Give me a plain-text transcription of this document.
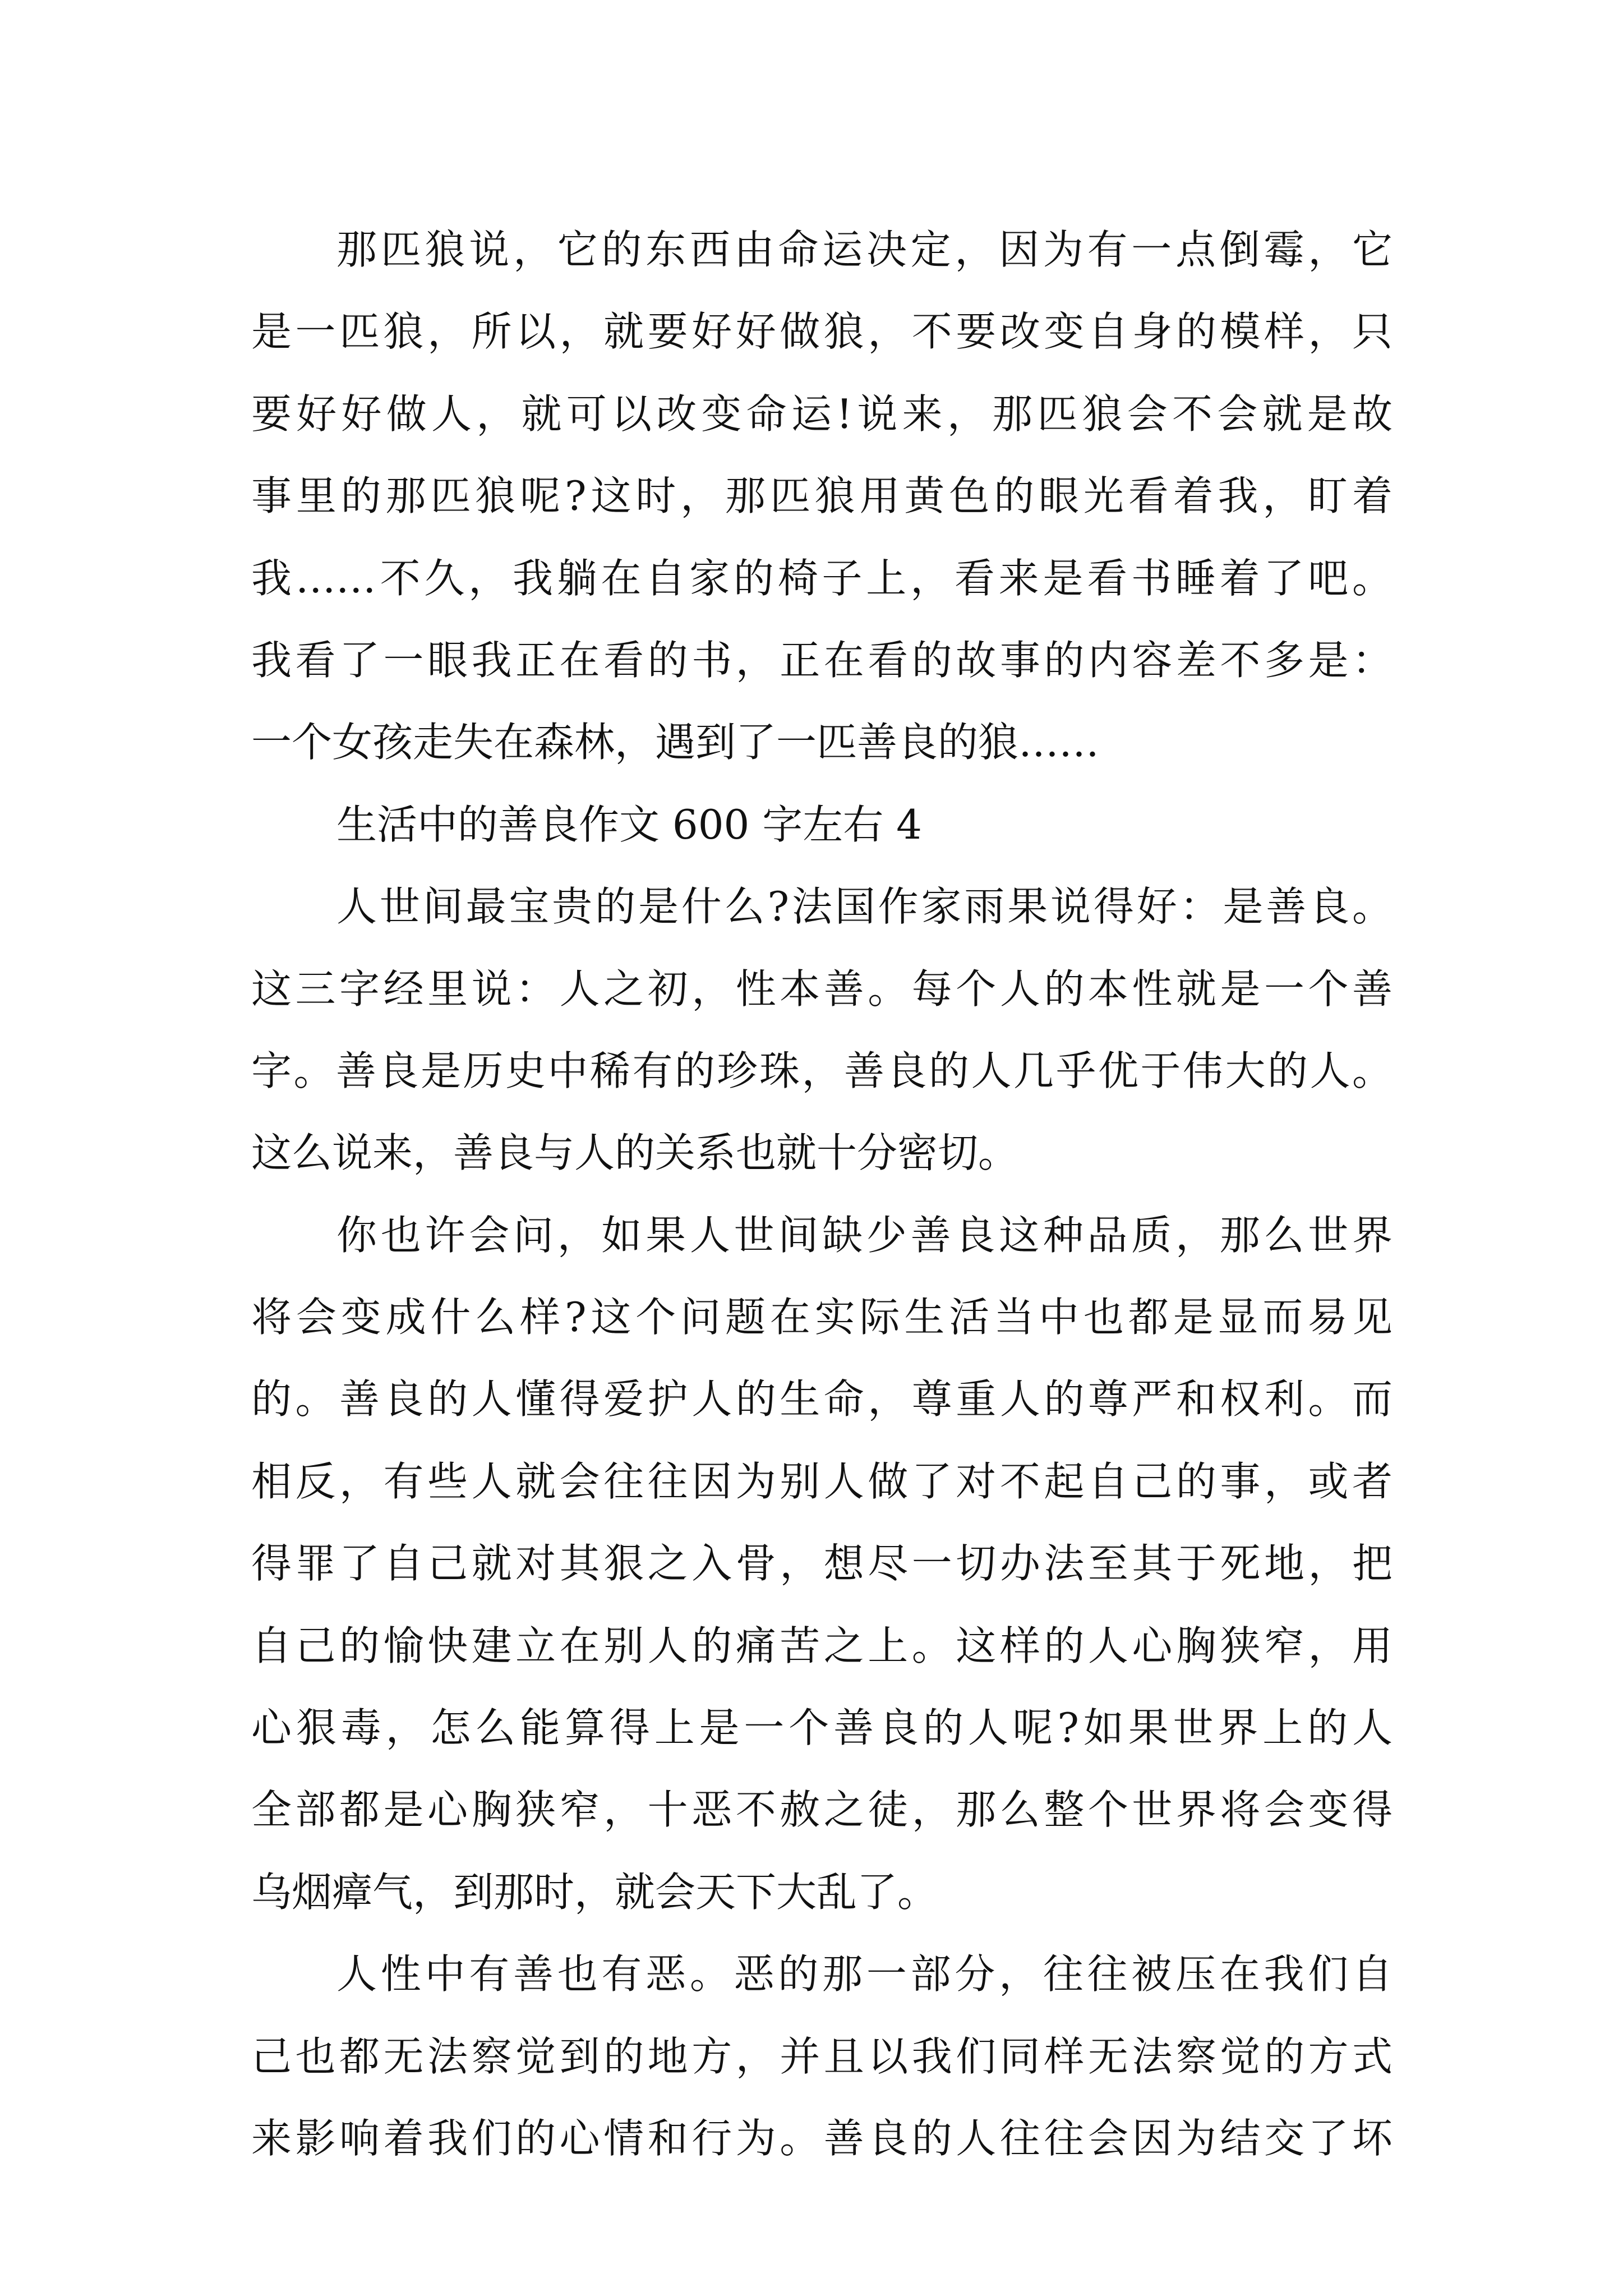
那匹狼说，它的东西由命运决定，因为有一点倒霉，它
是一匹狼，所以，就要好好做狼，不要改变自身的模样，只
要好好做人，就可以改变命运!说来，那匹狼会不会就是故
事里的那匹狼呢?这时，那匹狼用黄色的眼光看着我，盯着
我……不久，我躺在自家的椅子上，看来是看书睡着了吧。
我看了一眼我正在看的书，正在看的故事的内容差不多是：
一个女孩走失在森林，遇到了一匹善良的狼……
生活中的善良作文 600 字左右 4
人世间最宝贵的是什么?法国作家雨果说得好：是善良。
这三字经里说：人之初，性本善。每个人的本性就是一个善
字。善良是历史中稀有的珍珠，善良的人几乎优于伟大的人。
这么说来，善良与人的关系也就十分密切。
你也许会问，如果人世间缺少善良这种品质，那么世界
将会变成什么样?这个问题在实际生活当中也都是显而易见
的。善良的人懂得爱护人的生命，尊重人的尊严和权利。而
相反，有些人就会往往因为别人做了对不起自己的事，或者
得罪了自己就对其狠之入骨，想尽一切办法至其于死地，把
自己的愉快建立在别人的痛苦之上。这样的人心胸狭窄，用
心狠毒，怎么能算得上是一个善良的人呢?如果世界上的人
全部都是心胸狭窄，十恶不赦之徒，那么整个世界将会变得
乌烟瘴气，到那时，就会天下大乱了。
人性中有善也有恶。恶的那一部分，往往被压在我们自
己也都无法察觉到的地方，并且以我们同样无法察觉的方式
来影响着我们的心情和行为。善良的人往往会因为结交了坏
